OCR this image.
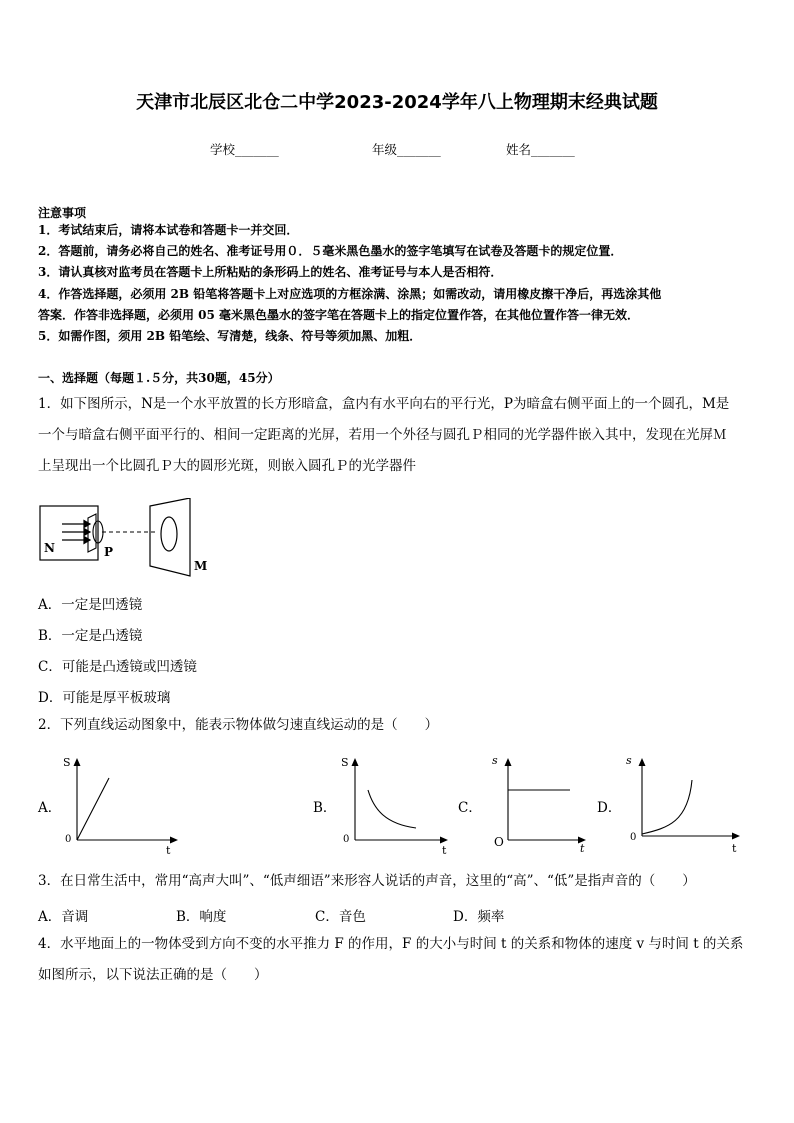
天津市北辰区北仓二中学2023-2024学年八上物理期末经典试题
学校_______	年级_______	姓名_______
注意事项
1．考试结束后，请将本试卷和答题卡一并交回．
2．答题前，请务必将自己的姓名、准考证号用０．５毫米黑色墨水的签字笔填写在试卷及答题卡的规定位置．
3．请认真核对监考员在答题卡上所粘贴的条形码上的姓名、准考证号与本人是否相符．
4．作答选择题，必须用 2B 铅笔将答题卡上对应选项的方框涂满、涂黑；如需改动，请用橡皮擦干净后，再选涂其他
答案．作答非选择题，必须用 05 毫米黑色墨水的签字笔在答题卡上的指定位置作答，在其他位置作答一律无效．
5．如需作图，须用 2B 铅笔绘、写清楚，线条、符号等须加黑、加粗．
一、选择题（每题１.５分，共30题，45分）
1．如下图所示，N是一个水平放置的长方形暗盒，盒内有水平向右的平行光，P为暗盒右侧平面上的一个圆孔，M是
一个与暗盒右侧平面平行的、相间一定距离的光屏，若用一个外径与圆孔Ｐ相同的光学器件嵌入其中，发现在光屏Ｍ
上呈现出一个比圆孔Ｐ大的圆形光斑，则嵌入圆孔Ｐ的光学器件
N	P
M
A．一定是凹透镜
B．一定是凸透镜
C．可能是凸透镜或凹透镜
D．可能是厚平板玻璃
2．下列直线运动图象中，能表示物体做匀速直线运动的是（　　）
A．
S
0
t
B．
S
0
t
C．
s
O	t
D．
s
0
t
3．在日常生活中，常用“高声大叫”、“低声细语”来形容人说话的声音，这里的“高”、“低”是指声音的（　　）
A．音调	B．响度	C．音色	D．频率
4．水平地面上的一物体受到方向不变的水平推力 F 的作用，F 的大小与时间 t 的关系和物体的速度 v 与时间 t 的关系
如图所示，以下说法正确的是（　　）
